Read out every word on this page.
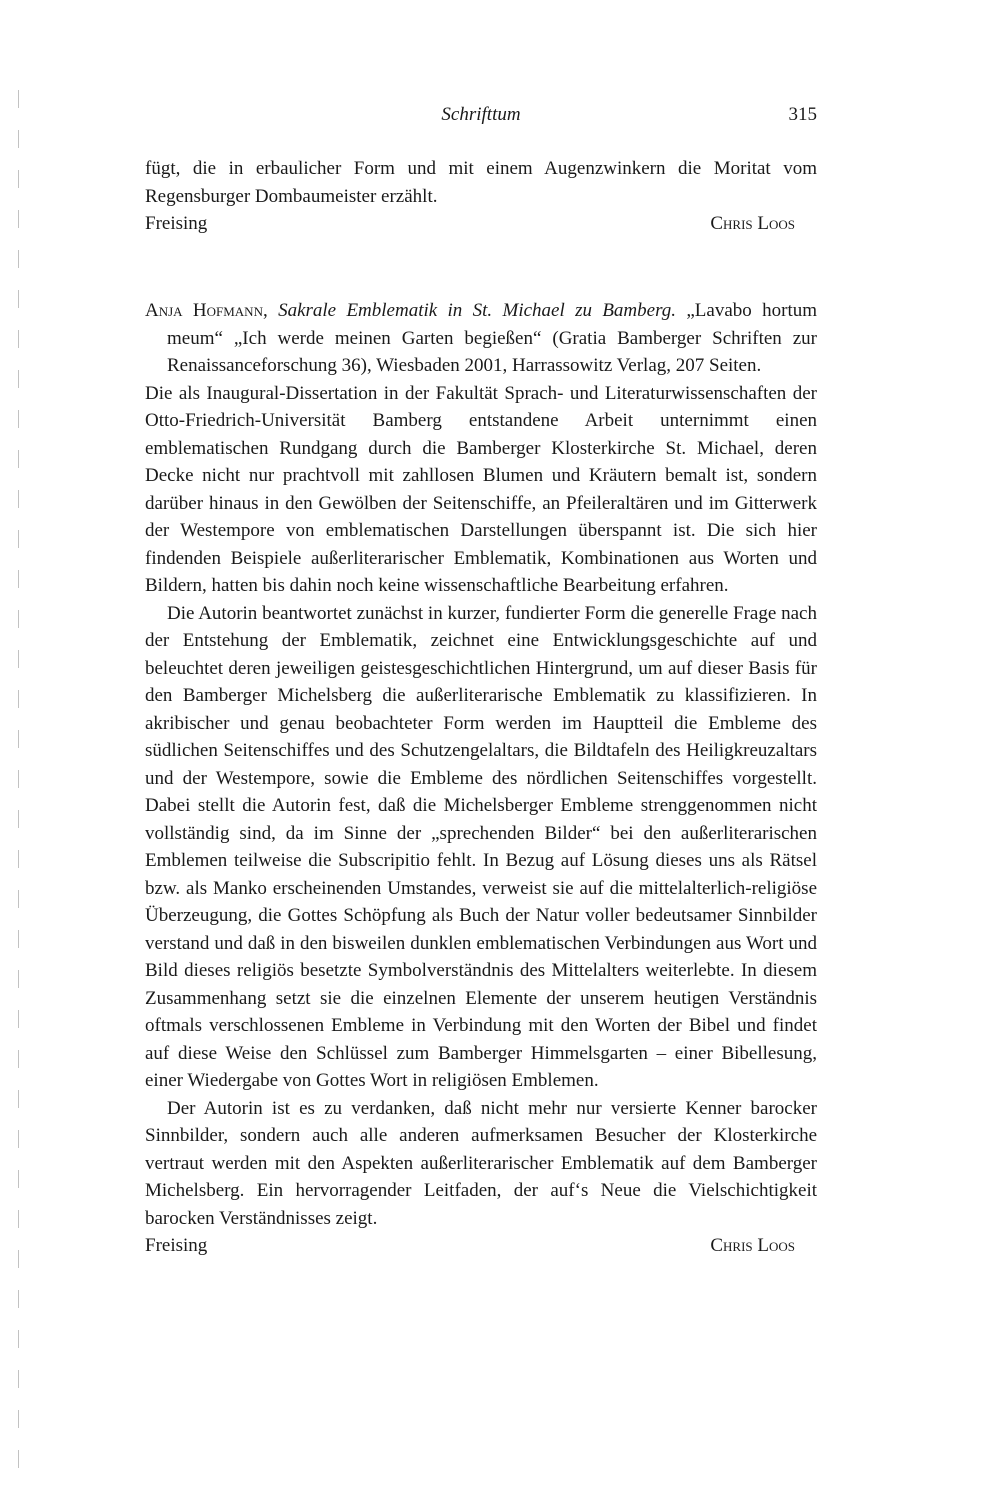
Schrifttum	315

fügt, die in erbaulicher Form und mit einem Augenzwinkern die Moritat vom Regensburger Dombaumeister erzählt.

Freising	Chris Loos

Anja Hofmann, Sakrale Emblematik in St. Michael zu Bamberg. „Lavabo hortum meum“ „Ich werde meinen Garten begießen“ (Gratia Bamberger Schriften zur Renaissanceforschung 36), Wiesbaden 2001, Harrassowitz Verlag, 207 Seiten.

Die als Inaugural-Dissertation in der Fakultät Sprach- und Literaturwissenschaften der Otto-Friedrich-Universität Bamberg entstandene Arbeit unternimmt einen emblematischen Rundgang durch die Bamberger Klosterkirche St. Michael, deren Decke nicht nur prachtvoll mit zahllosen Blumen und Kräutern bemalt ist, sondern darüber hinaus in den Gewölben der Seitenschiffe, an Pfeileraltären und im Gitterwerk der Westempore von emblematischen Darstellungen überspannt ist. Die sich hier findenden Beispiele außerliterarischer Emblematik, Kombinationen aus Worten und Bildern, hatten bis dahin noch keine wissenschaftliche Bearbeitung erfahren.

Die Autorin beantwortet zunächst in kurzer, fundierter Form die generelle Frage nach der Entstehung der Emblematik, zeichnet eine Entwicklungsgeschichte auf und beleuchtet deren jeweiligen geistesgeschichtlichen Hintergrund, um auf dieser Basis für den Bamberger Michelsberg die außerliterarische Emblematik zu klassifizieren. In akribischer und genau beobachteter Form werden im Hauptteil die Embleme des südlichen Seitenschiffes und des Schutzengelaltars, die Bildtafeln des Heiligkreuzaltars und der Westempore, sowie die Embleme des nördlichen Seitenschiffes vorgestellt. Dabei stellt die Autorin fest, daß die Michelsberger Embleme strenggenommen nicht vollständig sind, da im Sinne der „sprechenden Bilder“ bei den außerliterarischen Emblemen teilweise die Subscripitio fehlt. In Bezug auf Lösung dieses uns als Rätsel bzw. als Manko erscheinenden Umstandes, verweist sie auf die mittelalterlich-religiöse Überzeugung, die Gottes Schöpfung als Buch der Natur voller bedeutsamer Sinnbilder verstand und daß in den bisweilen dunklen emblematischen Verbindungen aus Wort und Bild dieses religiös besetzte Symbolverständnis des Mittelalters weiterlebte. In diesem Zusammenhang setzt sie die einzelnen Elemente der unserem heutigen Verständnis oftmals verschlossenen Embleme in Verbindung mit den Worten der Bibel und findet auf diese Weise den Schlüssel zum Bamberger Himmelsgarten – einer Bibellesung, einer Wiedergabe von Gottes Wort in religiösen Emblemen.

Der Autorin ist es zu verdanken, daß nicht mehr nur versierte Kenner barocker Sinnbilder, sondern auch alle anderen aufmerksamen Besucher der Klosterkirche vertraut werden mit den Aspekten außerliterarischer Emblematik auf dem Bamberger Michelsberg. Ein hervorragender Leitfaden, der auf‘s Neue die Vielschichtigkeit barocken Verständnisses zeigt.

Freising	Chris Loos
